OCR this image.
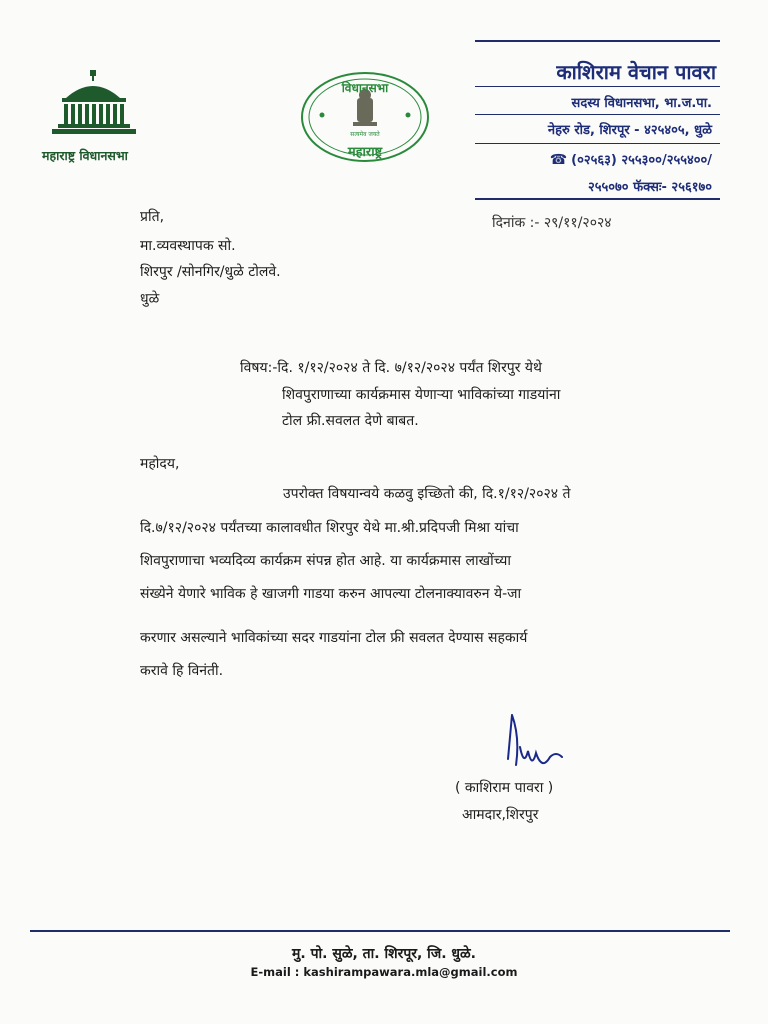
महाराष्ट्र विधानसभा
विधानसभा
सत्यमेव जयते
महाराष्ट्र
काशिराम वेचान पावरा
सदस्य विधानसभा, भा.ज.पा.
नेहरु रोड, शिरपूर - ४२५४०५, धुळे
☎ (०२५६३) २५५३००/२५५४००/
२५५०७० फॅक्सः- २५६१७०
दिनांक :- २९/११/२०२४
प्रति,
मा.व्यवस्थापक सो.
शिरपुर /सोनगिर/धुळे टोलवे.
धुळे
विषय:-दि. १/१२/२०२४ ते दि. ७/१२/२०२४ पर्यंत शिरपुर येथे
शिवपुराणाच्या कार्यक्रमास येणाऱ्या भाविकांच्या गाडयांना
टोल फ्री.सवलत देणे बाबत.
महोदय,
उपरोक्त विषयान्वये कळवु इच्छितो की, दि.१/१२/२०२४ ते
दि.७/१२/२०२४ पर्यंतच्या कालावधीत शिरपुर येथे मा.श्री.प्रदिपजी मिश्रा यांचा
शिवपुराणाचा भव्यदिव्य कार्यक्रम संपन्न होत आहे. या कार्यक्रमास लाखोंच्या
संख्येने येणारे भाविक हे खाजगी गाडया करुन आपल्या टोलनाक्यावरुन ये-जा
करणार असल्याने भाविकांच्या सदर गाडयांना टोल फ्री सवलत देण्यास सहकार्य
करावे हि विनंती.
( काशिराम पावरा )
आमदार,शिरपुर
मु. पो. सुळे, ता. शिरपूर, जि. धुळे.
E-mail : kashirampawara.mla@gmail.com
